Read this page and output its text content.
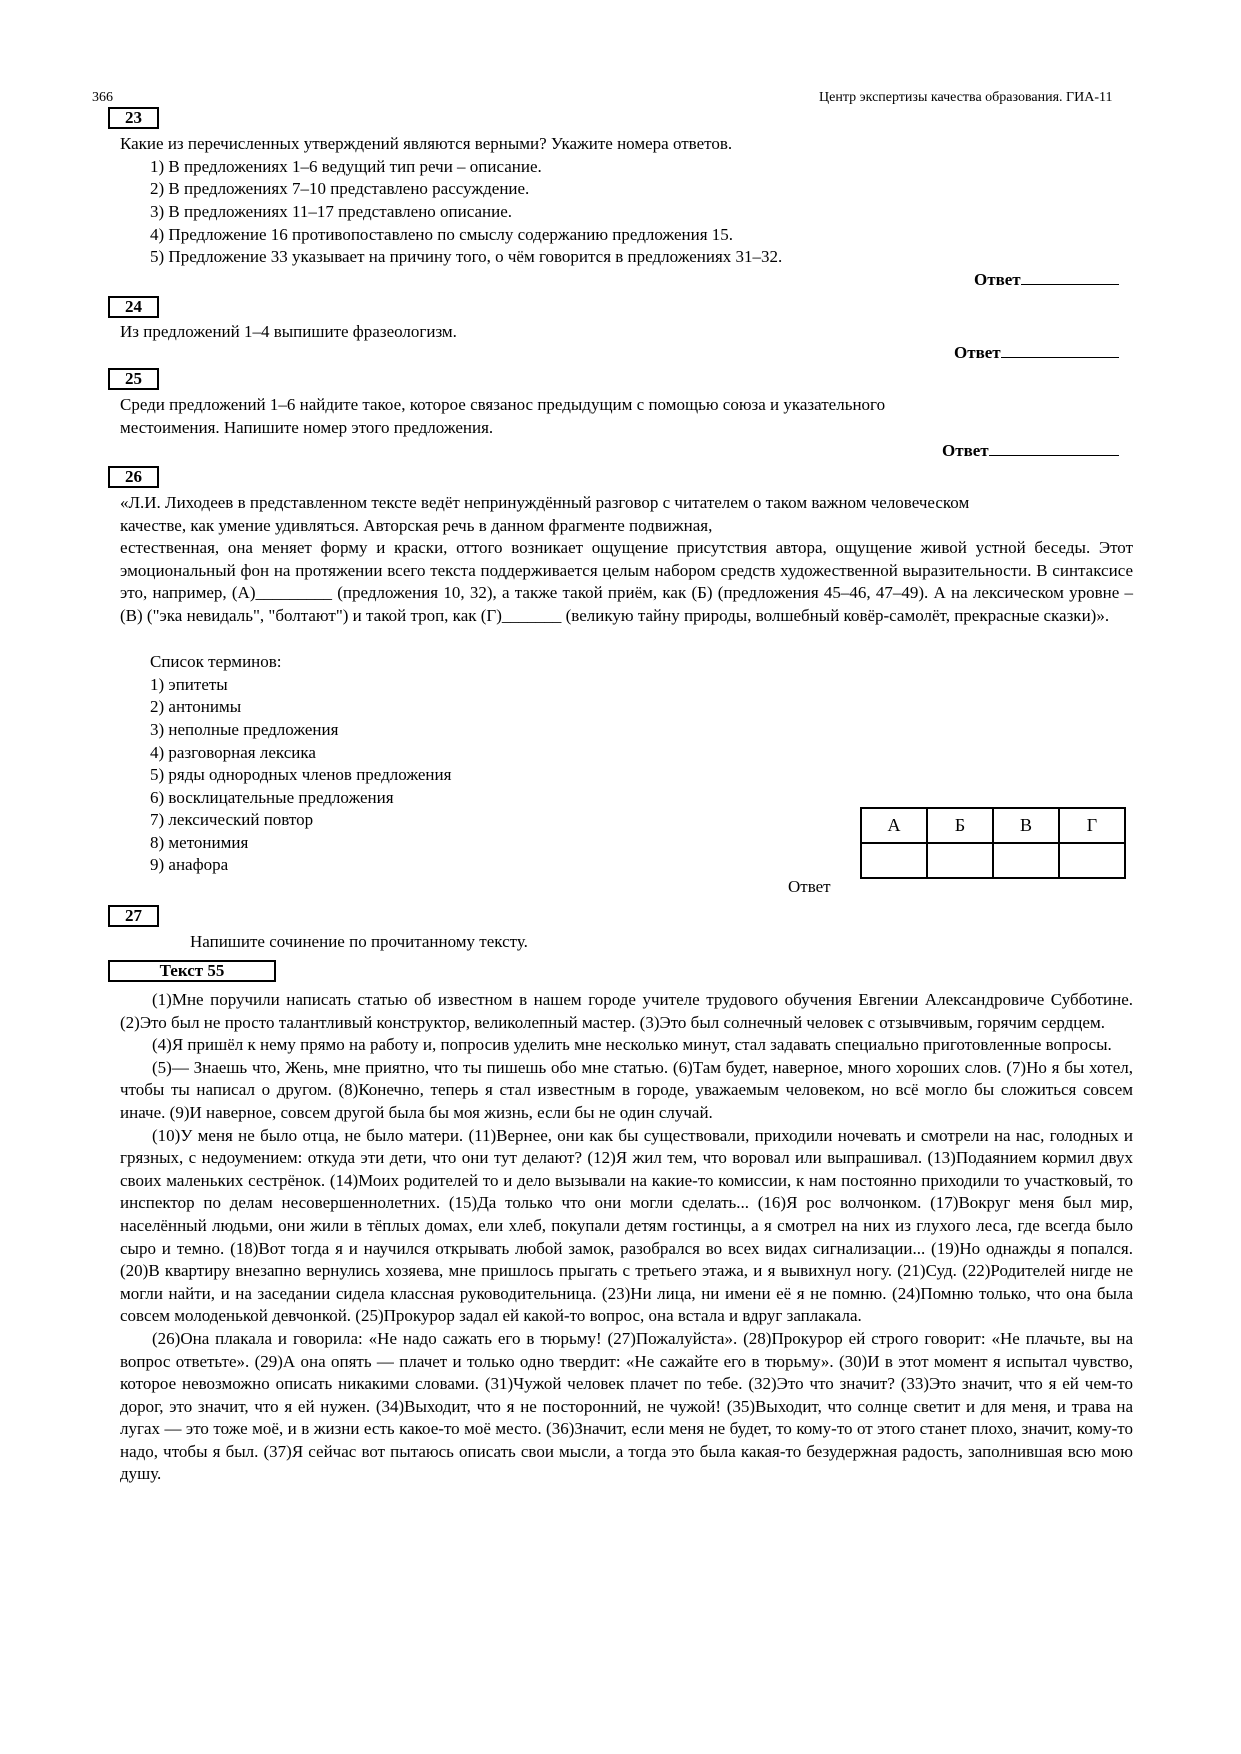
366	Центр экспертизы качества образования. ГИА-11
23
Какие из перечисленных утверждений являются верными? Укажите номера ответов.
1) В предложениях 1–6 ведущий тип речи – описание.
2) В предложениях 7–10 представлено рассуждение.
3) В предложениях 11–17 представлено описание.
4) Предложение 16 противопоставлено по смыслу содержанию предложения 15.
5) Предложение 33 указывает на причину того, о чём говорится в предложениях 31–32.
Ответ
24
Из предложений 1–4 выпишите фразеологизм.
Ответ
25
Среди предложений 1–6 найдите такое, которое связанос предыдущим с помощью союза и указательного
местоимения. Напишите номер этого предложения.
Ответ
26
«Л.И. Лиходеев в представленном тексте ведёт непринуждённый разговор с читателем о таком важном человеческом
качестве, как умение удивляться. Авторская речь в данном фрагменте подвижная,

естественная, она меняет форму и краски, оттого возникает ощущение присутствия автора, ощущение живой устной беседы. Этот эмоциональный фон на протяжении всего текста поддерживается целым набором средств художественной выразительности. В синтаксисе это, например, (А)_________ (предложения 10, 32), а также такой приём, как (Б) (предложения 45–46, 47–49). А на лексическом уровне – (В) ("эка невидаль", "болтают") и такой троп, как (Г)_______ (великую тайну природы, волшебный ковёр-самолёт, прекрасные сказки)».

Список терминов:
1) эпитеты
2) антонимы
3) неполные предложения
4) разговорная лексика
5) ряды однородных членов предложения
6) восклицательные предложения
7) лексический повтор
8) метонимия
9) анафора
А	Б	В	Г

Ответ
27
Напишите сочинение по прочитанному тексту.
Текст 55

(1)Мне поручили написать статью об известном в нашем городе учителе трудового обучения Евгении Александровиче Субботине. (2)Это был не просто талантливый конструктор, великолепный мастер. (3)Это был солнечный человек с отзывчивым, горячим сердцем.

(4)Я пришёл к нему прямо на работу и, попросив уделить мне несколько минут, стал задавать специально приготовленные вопросы.

(5)— Знаешь что, Жень, мне приятно, что ты пишешь обо мне статью. (6)Там будет, наверное, много хороших слов. (7)Но я бы хотел, чтобы ты написал о другом. (8)Конечно, теперь я стал известным в городе, уважаемым человеком, но всё могло бы сложиться совсем иначе. (9)И наверное, совсем другой была бы моя жизнь, если бы не один случай.

(10)У меня не было отца, не было матери. (11)Вернее, они как бы существовали, приходили ночевать и смотрели на нас, голодных и грязных, с недоумением: откуда эти дети, что они тут делают? (12)Я жил тем, что воровал или выпрашивал. (13)Подаянием кормил двух своих маленьких сестрёнок. (14)Моих родителей то и дело вызывали на какие-то комиссии, к нам постоянно приходили то участковый, то инспектор по делам несовершеннолетних. (15)Да только что они могли сделать... (16)Я рос волчонком. (17)Вокруг меня был мир, населённый людьми, они жили в тёплых домах, ели хлеб, покупали детям гостинцы, а я смотрел на них из глухого леса, где всегда было сыро и темно. (18)Вот тогда я и научился открывать любой замок, разобрался во всех видах сигнализации... (19)Но однажды я попался. (20)В квартиру внезапно вернулись хозяева, мне пришлось прыгать с третьего этажа, и я вывихнул ногу. (21)Суд. (22)Родителей нигде не могли найти, и на заседании сидела классная руководительница. (23)Ни лица, ни имени её я не помню. (24)Помню только, что она была совсем молоденькой девчонкой. (25)Прокурор задал ей какой-то вопрос, она встала и вдруг заплакала.

(26)Она плакала и говорила: «Не надо сажать его в тюрьму! (27)Пожалуйста». (28)Прокурор ей строго говорит: «Не плачьте, вы на вопрос ответьте». (29)А она опять — плачет и только одно твердит: «Не сажайте его в тюрьму». (30)И в этот момент я испытал чувство, которое невозможно описать никакими словами. (31)Чужой человек плачет по тебе. (32)Это что значит? (33)Это значит, что я ей чем-то дорог, это значит, что я ей нужен. (34)Выходит, что я не посторонний, не чужой! (35)Выходит, что солнце светит и для меня, и трава на лугах — это тоже моё, и в жизни есть какое-то моё место. (36)Значит, если меня не будет, то кому-то от этого станет плохо, значит, кому-то надо, чтобы я был. (37)Я сейчас вот пытаюсь описать свои мысли, а тогда это была какая-то безудержная радость, заполнившая всю мою душу.
